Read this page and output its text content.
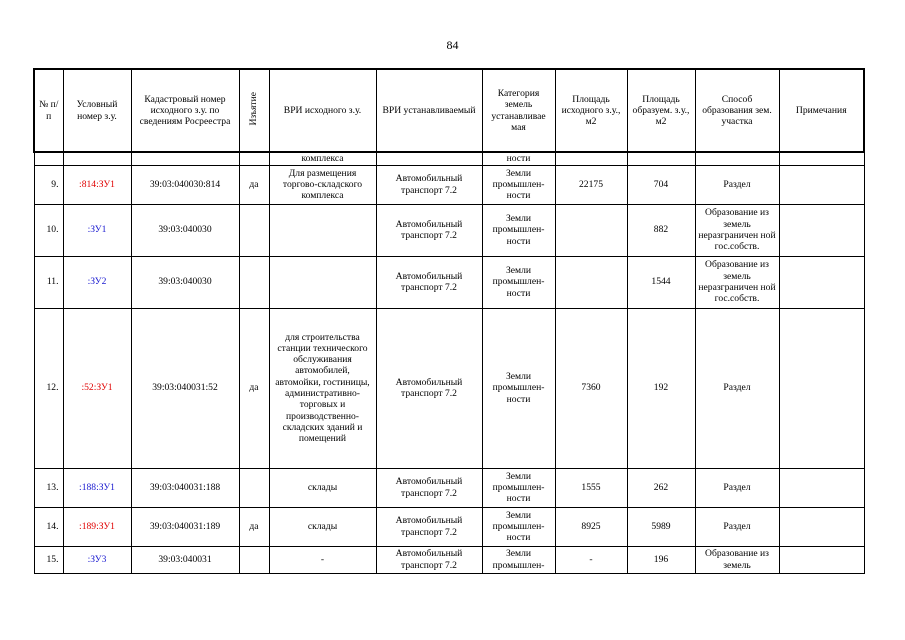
84
№ п/п	Условный номер з.у.	Кадастровый номер исходного з.у. по сведениям Росреестра	Изъятие	ВРИ исходного з.у.	ВРИ устанавливаемый	Категория земель устанавливае мая	Площадь исходного з.у., м2	Площадь образуем. з.у., м2	Способ образования зем. участка	Примечания
				комплекса		ности				
9.	:814:ЗУ1	39:03:040030:814	да	Для размещения торгово-складского комплекса	Автомобильный транспорт 7.2	Земли промышлен-ности	22175	704	Раздел	
10.	:ЗУ1	39:03:040030			Автомобильный транспорт 7.2	Земли промышлен-ности		882	Образование из земель неразграничен ной гос.собств.	
11.	:ЗУ2	39:03:040030			Автомобильный транспорт 7.2	Земли промышлен-ности		1544	Образование из земель неразграничен ной гос.собств.	
12.	:52:ЗУ1	39:03:040031:52	да	для строительства станции технического обслуживания автомобилей, автомойки, гостиницы, административно-торговых и производственно-складских зданий и помещений	Автомобильный транспорт 7.2	Земли промышлен-ности	7360	192	Раздел	
13.	:188:ЗУ1	39:03:040031:188		склады	Автомобильный транспорт 7.2	Земли промышлен-ности	1555	262	Раздел	
14.	:189:ЗУ1	39:03:040031:189	да	склады	Автомобильный транспорт 7.2	Земли промышлен-ности	8925	5989	Раздел	
15.	:ЗУ3	39:03:040031		-	Автомобильный транспорт 7.2	Земли промышлен-	-	196	Образование из земель	
